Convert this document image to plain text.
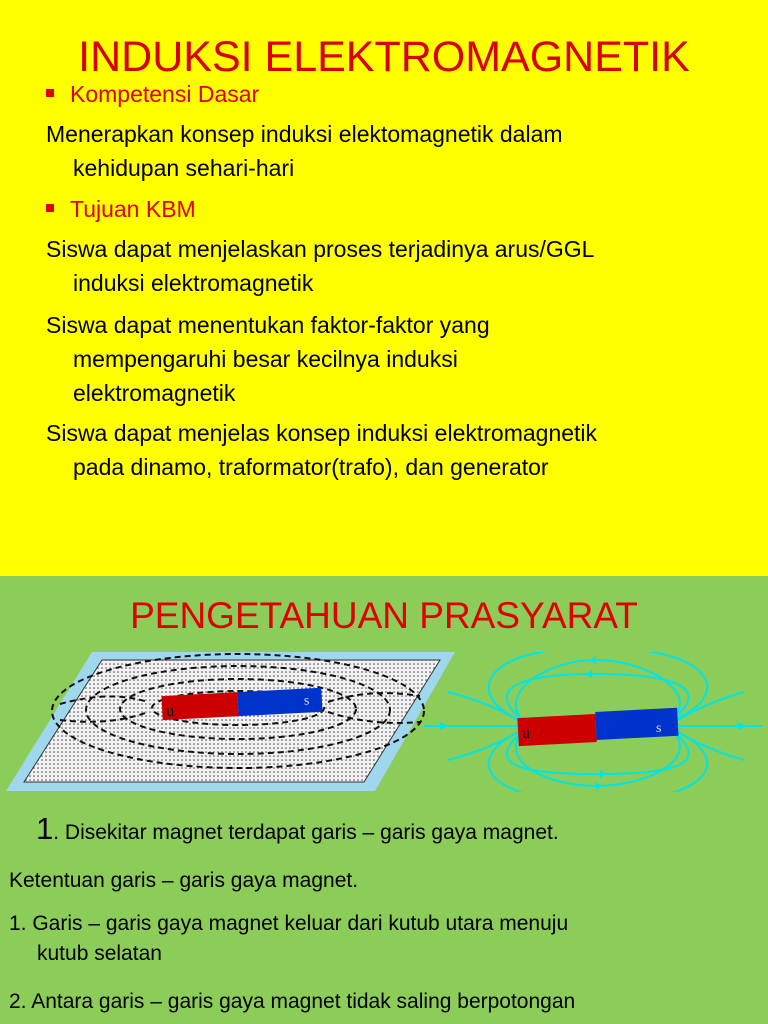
INDUKSI ELEKTROMAGNETIK
Kompetensi Dasar
Menerapkan konsep induksi elektomagnetik dalam
kehidupan sehari-hari
Tujuan KBM
Siswa dapat menjelaskan proses terjadinya arus/GGL
induksi elektromagnetik
Siswa dapat menentukan faktor-faktor yang
mempengaruhi besar kecilnya induksi
elektromagnetik
Siswa dapat menjelas konsep induksi elektromagnetik
pada dinamo, traformator(trafo), dan generator
PENGETAHUAN PRASYARAT
u
s
u	s
1. Disekitar magnet terdapat garis – garis gaya magnet.
Ketentuan garis – garis gaya magnet.
1. Garis – garis gaya magnet keluar dari kutub utara menuju
kutub selatan
2. Antara garis – garis gaya magnet tidak saling berpotongan
